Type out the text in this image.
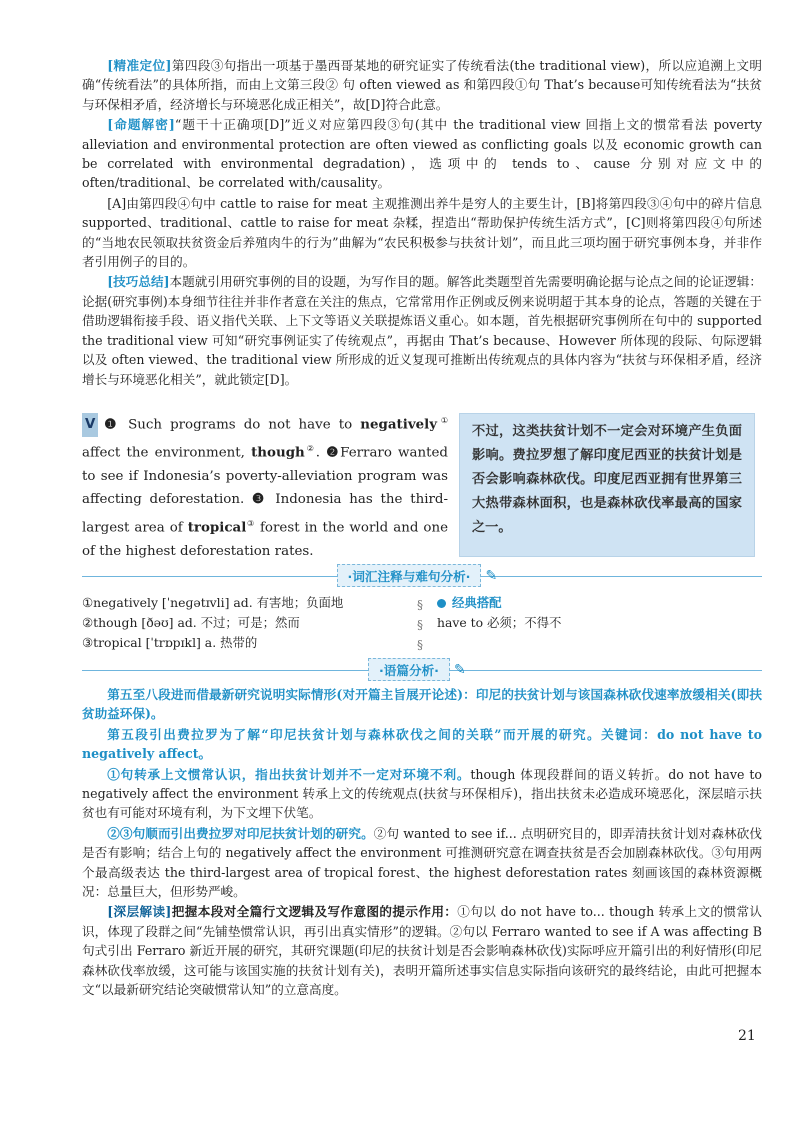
[精准定位]第四段③句指出一项基于墨西哥某地的研究证实了传统看法(the traditional view)，所以应追溯上文明确“传统看法”的具体所指，而由上文第三段② 句 often viewed as 和第四段①句 That’s because可知传统看法为“扶贫与环保相矛盾，经济增长与环境恶化成正相关”，故[D]符合此意。

[命题解密]“题干十正确项[D]”近义对应第四段③句(其中 the traditional view 回指上文的惯常看法 poverty alleviation and environmental protection are often viewed as conflicting goals 以及 economic growth can be correlated with environmental degradation)，选项中的 tends to、cause 分别对应文中的 often/traditional、be correlated with/causality。

[A]由第四段④句中 cattle to raise for meat 主观推测出养牛是穷人的主要生计，[B]将第四段③④句中的碎片信息 supported、traditional、cattle to raise for meat 杂糅，捏造出“帮助保护传统生活方式”，[C]则将第四段④句所述的“当地农民领取扶贫资金后养殖肉牛的行为”曲解为“农民积极参与扶贫计划”，而且此三项均囿于研究事例本身，并非作者引用例子的目的。

[技巧总结]本题就引用研究事例的目的设题，为写作目的题。解答此类题型首先需要明确论据与论点之间的论证逻辑：论据(研究事例)本身细节往往并非作者意在关注的焦点，它常常用作正例或反例来说明超于其本身的论点，答题的关键在于借助逻辑衔接手段、语义指代关联、上下文等语义关联提炼语义重心。如本题，首先根据研究事例所在句中的 supported the traditional view 可知“研究事例证实了传统观点”，再据由 That’s because、However 所体现的段际、句际逻辑以及 often viewed、the traditional view 所形成的近义复现可推断出传统观点的具体内容为“扶贫与环保相矛盾，经济增长与环境恶化相关”，就此锁定[D]。

V ❶ Such programs do not have to negatively① affect the environment, though②. ❷Ferraro wanted to see if Indonesia’s poverty-alleviation program was affecting deforestation. ❸ Indonesia has the third-largest area of tropical③ forest in the world and one of the highest deforestation rates.

不过，这类扶贫计划不一定会对环境产生负面影响。费拉罗想了解印度尼西亚的扶贫计划是否会影响森林砍伐。印度尼西亚拥有世界第三大热带森林面积，也是森林砍伐率最高的国家之一。

·词汇注释与难句分析·	✎

①negatively [ˈneɡətɪvli] ad. 有害地；负面地

②though [ðəʊ] ad. 不过；可是；然而

③tropical [ˈtrɒpɪkl] a. 热带的

§
§
§

经典搭配

have to 必须；不得不

·语篇分析·	✎

第五至八段进而借最新研究说明实际情形(对开篇主旨展开论述)：印尼的扶贫计划与该国森林砍伐速率放缓相关(即扶贫助益环保)。

第五段引出费拉罗为了解“印尼扶贫计划与森林砍伐之间的关联”而开展的研究。关键词：do not have to negatively affect。

①句转承上文惯常认识，指出扶贫计划并不一定对环境不利。though 体现段群间的语义转折。do not have to negatively affect the environment 转承上文的传统观点(扶贫与环保相斥)，指出扶贫未必造成环境恶化，深层暗示扶贫也有可能对环境有利，为下文埋下伏笔。

②③句顺而引出费拉罗对印尼扶贫计划的研究。②句 wanted to see if... 点明研究目的，即弄清扶贫计划对森林砍伐是否有影响；结合上句的 negatively affect the environment 可推测研究意在调查扶贫是否会加剧森林砍伐。③句用两个最高级表达 the third-largest area of tropical forest、the highest deforestation rates 刻画该国的森林资源概况：总量巨大，但形势严峻。

[深层解读]把握本段对全篇行文逻辑及写作意图的提示作用：①句以 do not have to... though 转承上文的惯常认识，体现了段群之间“先铺垫惯常认识，再引出真实情形”的逻辑。②句以 Ferraro wanted to see if A was affecting B 句式引出 Ferraro 新近开展的研究，其研究课题(印尼的扶贫计划是否会影响森林砍伐)实际呼应开篇引出的利好情形(印尼森林砍伐率放缓，这可能与该国实施的扶贫计划有关)，表明开篇所述事实信息实际指向该研究的最终结论，由此可把握本文“以最新研究结论突破惯常认知”的立意高度。

21
